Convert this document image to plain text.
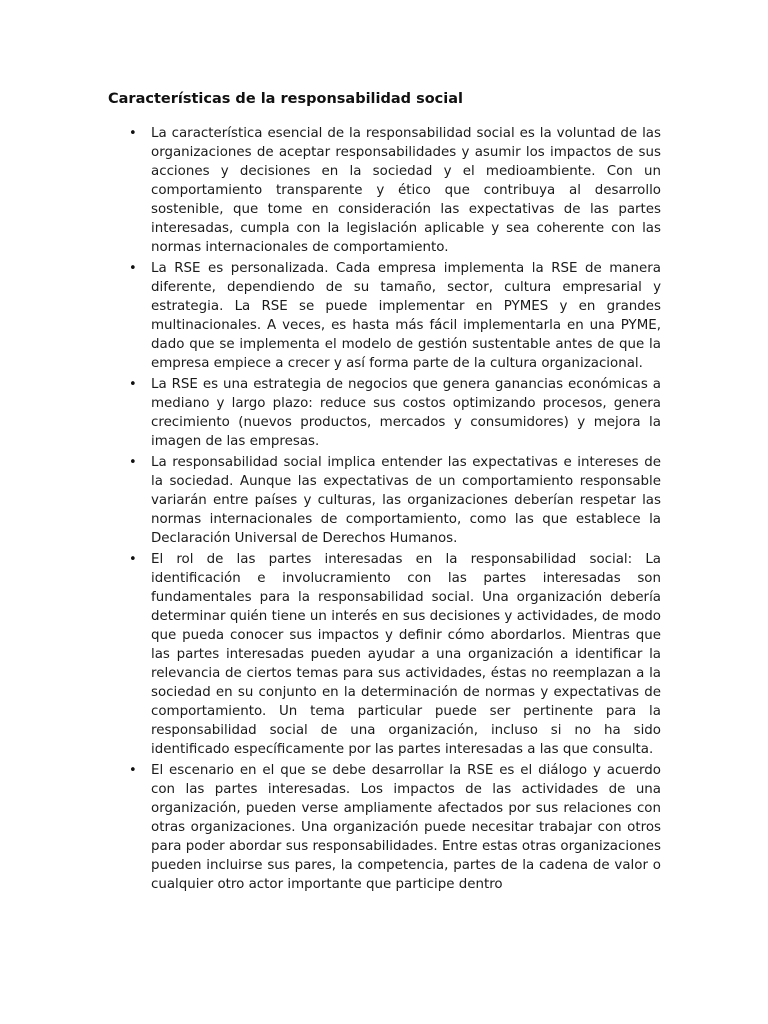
Características de la responsabilidad social
• La característica esencial de la responsabilidad social es la voluntad de las organizaciones de aceptar responsabilidades y asumir los impactos de sus acciones y decisiones en la sociedad y el medioambiente. Con un comportamiento transparente y ético que contribuya al desarrollo sostenible, que tome en consideración las expectativas de las partes interesadas, cumpla con la legislación aplicable y sea coherente con las normas internacionales de comportamiento.
• La RSE es personalizada. Cada empresa implementa la RSE de manera diferente, dependiendo de su tamaño, sector, cultura empresarial y estrategia. La RSE se puede implementar en PYMES y en grandes multinacionales. A veces, es hasta más fácil implementarla en una PYME, dado que se implementa el modelo de gestión sustentable antes de que la empresa empiece a crecer y así forma parte de la cultura organizacional.
• La RSE es una estrategia de negocios que genera ganancias económicas a mediano y largo plazo: reduce sus costos optimizando procesos, genera crecimiento (nuevos productos, mercados y consumidores) y mejora la imagen de las empresas.
• La responsabilidad social implica entender las expectativas e intereses de la sociedad. Aunque las expectativas de un comportamiento responsable variarán entre países y culturas, las organizaciones deberían respetar las normas internacionales de comportamiento, como las que establece la Declaración Universal de Derechos Humanos.
• El rol de las partes interesadas en la responsabilidad social: La identificación e involucramiento con las partes interesadas son fundamentales para la responsabilidad social. Una organización debería determinar quién tiene un interés en sus decisiones y actividades, de modo que pueda conocer sus impactos y definir cómo abordarlos. Mientras que las partes interesadas pueden ayudar a una organización a identificar la relevancia de ciertos temas para sus actividades, éstas no reemplazan a la sociedad en su conjunto en la determinación de normas y expectativas de comportamiento. Un tema particular puede ser pertinente para la responsabilidad social de una organización, incluso si no ha sido identificado específicamente por las partes interesadas a las que consulta.
• El escenario en el que se debe desarrollar la RSE es el diálogo y acuerdo con las partes interesadas. Los impactos de las actividades de una organización, pueden verse ampliamente afectados por sus relaciones con otras organizaciones. Una organización puede necesitar trabajar con otros para poder abordar sus responsabilidades. Entre estas otras organizaciones pueden incluirse sus pares, la competencia, partes de la cadena de valor o cualquier otro actor importante que participe dentro
